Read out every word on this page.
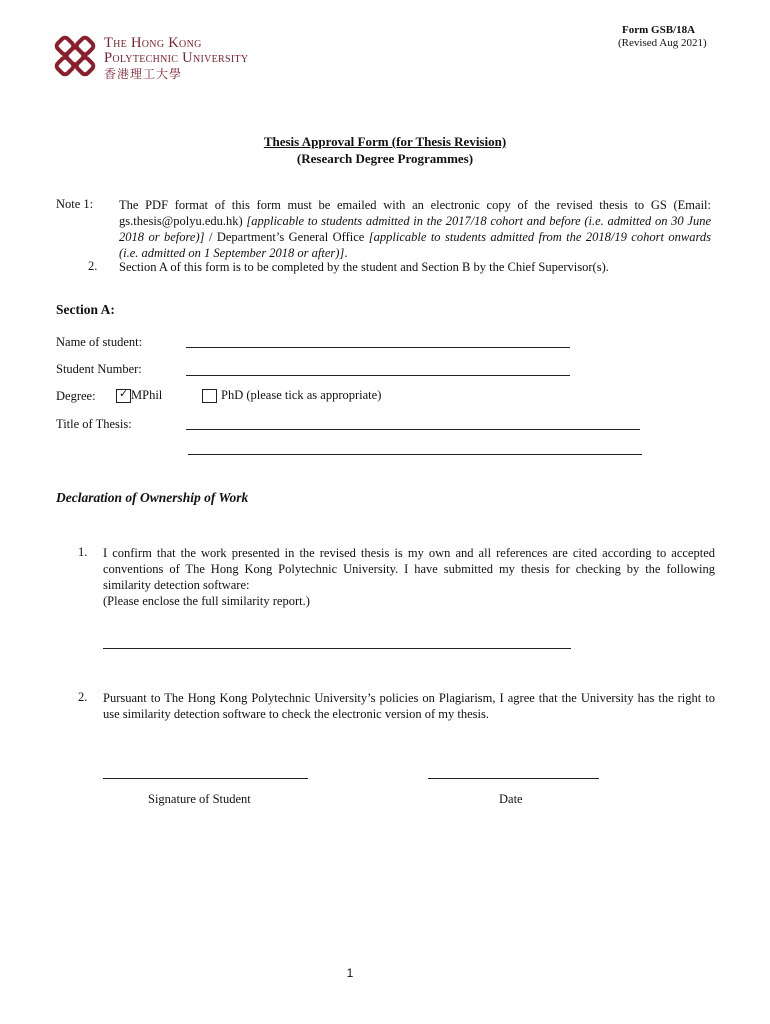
The Hong Kong
Polytechnic University
香港理工大學
Form GSB/18A
(Revised Aug 2021)
Thesis Approval Form (for Thesis Revision)
(Research Degree Programmes)
Note 1: The PDF format of this form must be emailed with an electronic copy of the revised thesis to GS (Email: gs.thesis@polyu.edu.hk) [applicable to students admitted in the 2017/18 cohort and before (i.e. admitted on 30 June 2018 or before)] / Department’s General Office [applicable to students admitted from the 2018/19 cohort onwards (i.e. admitted on 1 September 2018 or after)].
2. Section A of this form is to be completed by the student and Section B by the Chief Supervisor(s).
Section A:
Name of student:
Student Number:
Degree: ✓ MPhil	PhD (please tick as appropriate)
Title of Thesis:
Declaration of Ownership of Work
1. I confirm that the work presented in the revised thesis is my own and all references are cited according to accepted conventions of The Hong Kong Polytechnic University. I have submitted my thesis for checking by the following similarity detection software:
(Please enclose the full similarity report.)
2. Pursuant to The Hong Kong Polytechnic University’s policies on Plagiarism, I agree that the University has the right to use similarity detection software to check the electronic version of my thesis.
Signature of Student	Date
1
